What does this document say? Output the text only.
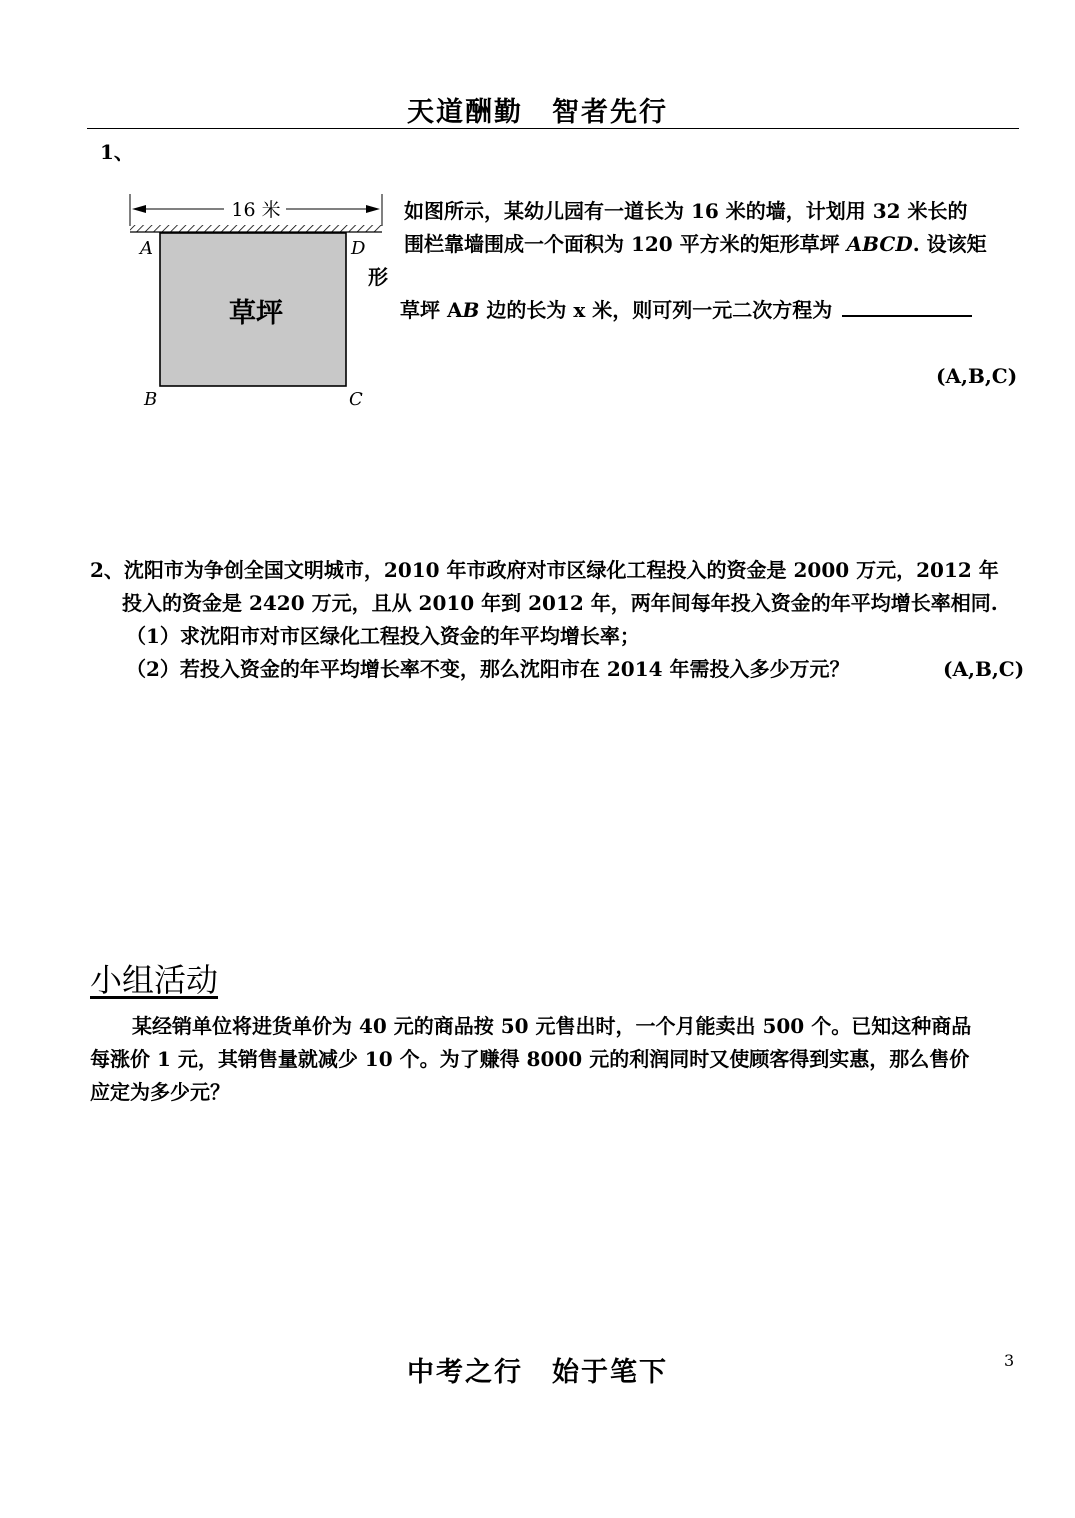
天道酬勤　智者先行
1、
16 米
草坪
A	D
B	C
如图所示，某幼儿园有一道长为 16 米的墙，计划用 32 米长的
围栏靠墙围成一个面积为 120 平方米的矩形草坪 ABCD. 设该矩
形
草坪 AB 边的长为 x 米，则可列一元二次方程为
(A,B,C)
2、沈阳市为争创全国文明城市，2010 年市政府对市区绿化工程投入的资金是 2000 万元，2012 年
投入的资金是 2420 万元，且从 2010 年到 2012 年，两年间每年投入资金的年平均增长率相同.
（1）求沈阳市对市区绿化工程投入资金的年平均增长率；
（2）若投入资金的年平均增长率不变，那么沈阳市在 2014 年需投入多少万元？	(A,B,C)
小组活动
某经销单位将进货单价为 40 元的商品按 50 元售出时，一个月能卖出 500 个。已知这种商品
每涨价 1 元，其销售量就减少 10 个。为了赚得 8000 元的利润同时又使顾客得到实惠，那么售价
应定为多少元？
中考之行　始于笔下	3
